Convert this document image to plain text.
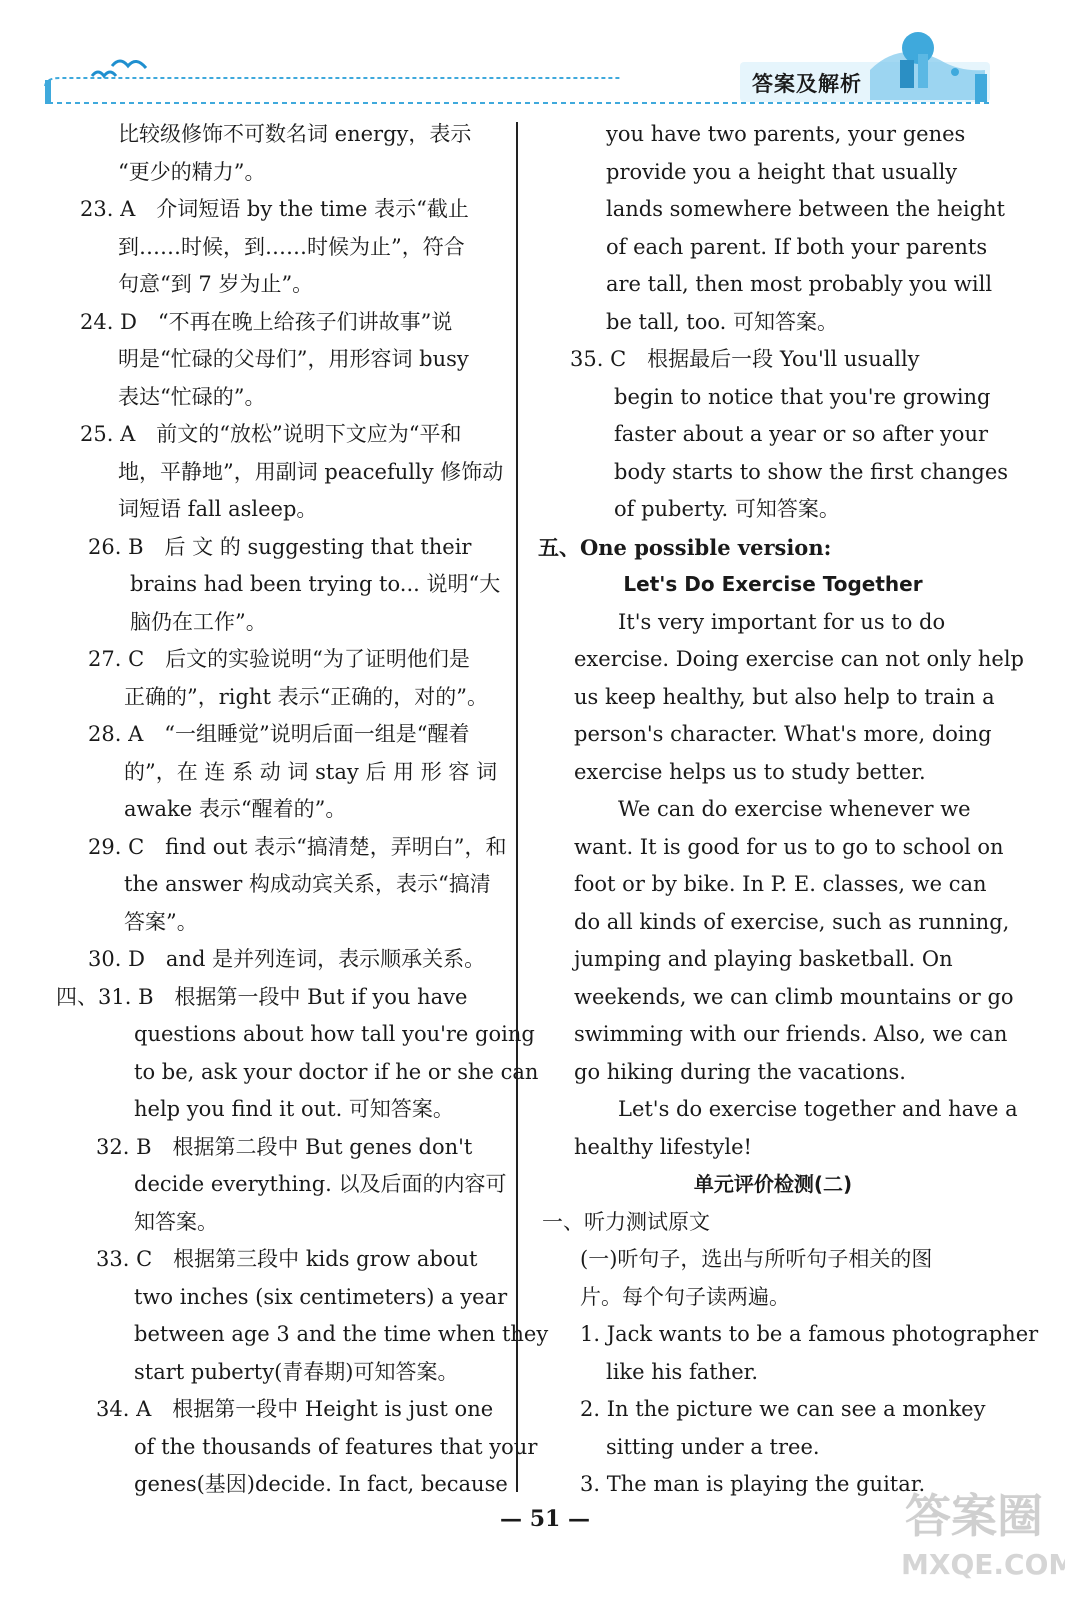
答案及解析
比较级修饰不可数名词 energy，表示
“更少的精力”。
23. A　介词短语 by the time 表示“截止
到……时候，到……时候为止”，符合
句意“到 7 岁为止”。
24. D　“不再在晚上给孩子们讲故事”说
明是“忙碌的父母们”，用形容词 busy
表达“忙碌的”。
25. A　前文的“放松”说明下文应为“平和
地，平静地”，用副词 peacefully 修饰动
词短语 fall asleep。
26. B　后 文 的 suggesting that their
brains had been trying to... 说明“大
脑仍在工作”。
27. C　后文的实验说明“为了证明他们是
正确的”，right 表示“正确的，对的”。
28. A　“一组睡觉”说明后面一组是“醒着
的”，在 连 系 动 词 stay 后 用 形 容 词
awake 表示“醒着的”。
29. C　find out 表示“搞清楚，弄明白”，和
the answer 构成动宾关系，表示“搞清
答案”。
30. D　and 是并列连词，表示顺承关系。
四、31. B　根据第一段中 But if you have
questions about how tall you're going
to be, ask your doctor if he or she can
help you find it out. 可知答案。
32. B　根据第二段中 But genes don't
decide everything. 以及后面的内容可
知答案。
33. C　根据第三段中 kids grow about
two inches (six centimeters) a year
between age 3 and the time when they
start puberty(青春期)可知答案。
34. A　根据第一段中 Height is just one
of the thousands of features that your
genes(基因)decide. In fact, because
you have two parents, your genes
provide you a height that usually
lands somewhere between the height
of each parent. If both your parents
are tall, then most probably you will
be tall, too. 可知答案。
35. C　根据最后一段 You'll usually
begin to notice that you're growing
faster about a year or so after your
body starts to show the first changes
of puberty. 可知答案。
五、One possible version:
Let's Do Exercise Together
It's very important for us to do
exercise. Doing exercise can not only help
us keep healthy, but also help to train a
person's character. What's more, doing
exercise helps us to study better.
We can do exercise whenever we
want. It is good for us to go to school on
foot or by bike. In P. E. classes, we can
do all kinds of exercise, such as running,
jumping and playing basketball. On
weekends, we can climb mountains or go
swimming with our friends. Also, we can
go hiking during the vacations.
Let's do exercise together and have a
healthy lifestyle!
单元评价检测(二)
一、听力测试原文
(一)听句子，选出与所听句子相关的图
片。每个句子读两遍。
1. Jack wants to be a famous photographer
like his father.
2. In the picture we can see a monkey
sitting under a tree.
3. The man is playing the guitar.
— 51 —	答案圈
MXQE.COM
